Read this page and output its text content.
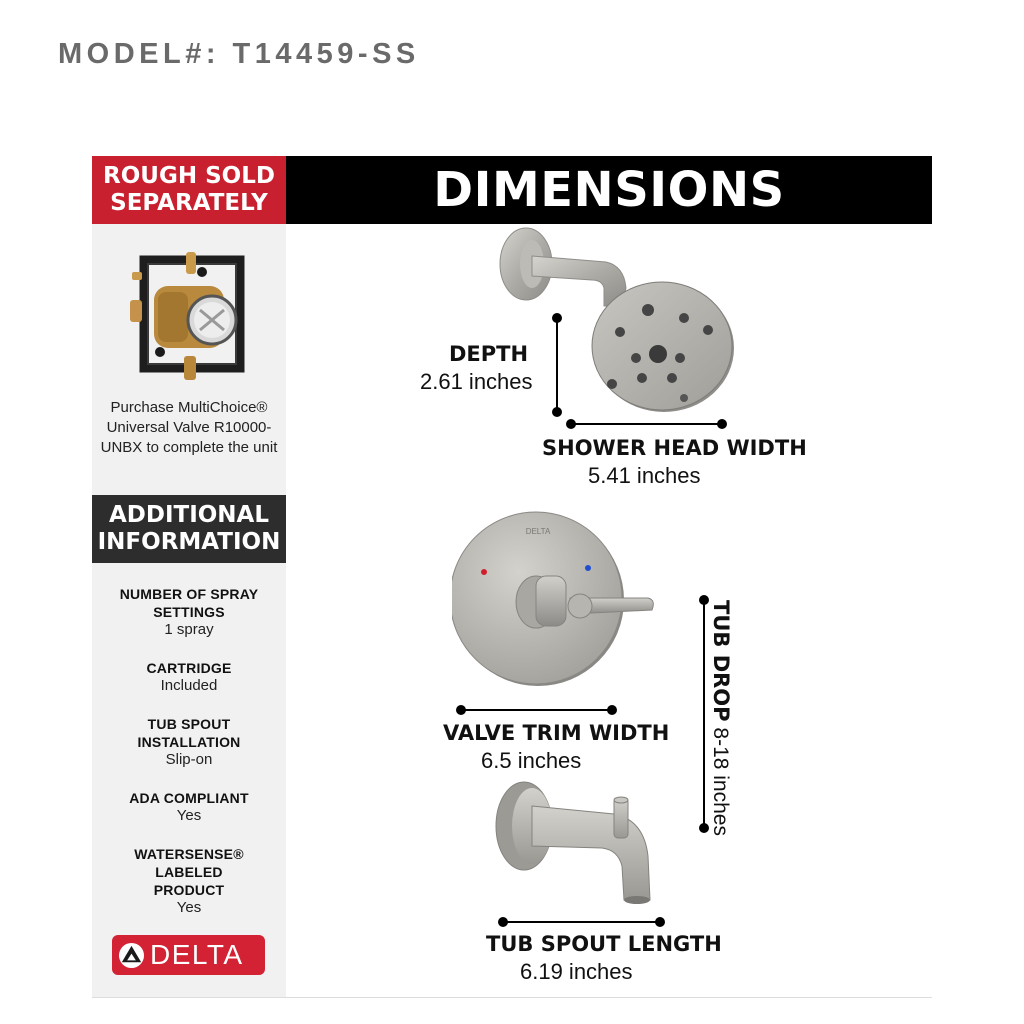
MODEL#: T14459-SS
ROUGH SOLD
SEPARATELY
Purchase MultiChoice® Universal Valve R10000-UNBX to complete the unit
ADDITIONAL
INFORMATION
NUMBER OF SPRAY SETTINGS
1 spray
CARTRIDGE
Included
TUB SPOUT INSTALLATION
Slip-on
ADA COMPLIANT
Yes
WATERSENSE® LABELED PRODUCT
Yes
DELTA
DIMENSIONS
DEPTH
2.61 inches
SHOWER HEAD WIDTH
5.41 inches
DELTA
VALVE TRIM WIDTH
6.5 inches
TUB DROP 8-18 inches
TUB SPOUT LENGTH
6.19 inches
